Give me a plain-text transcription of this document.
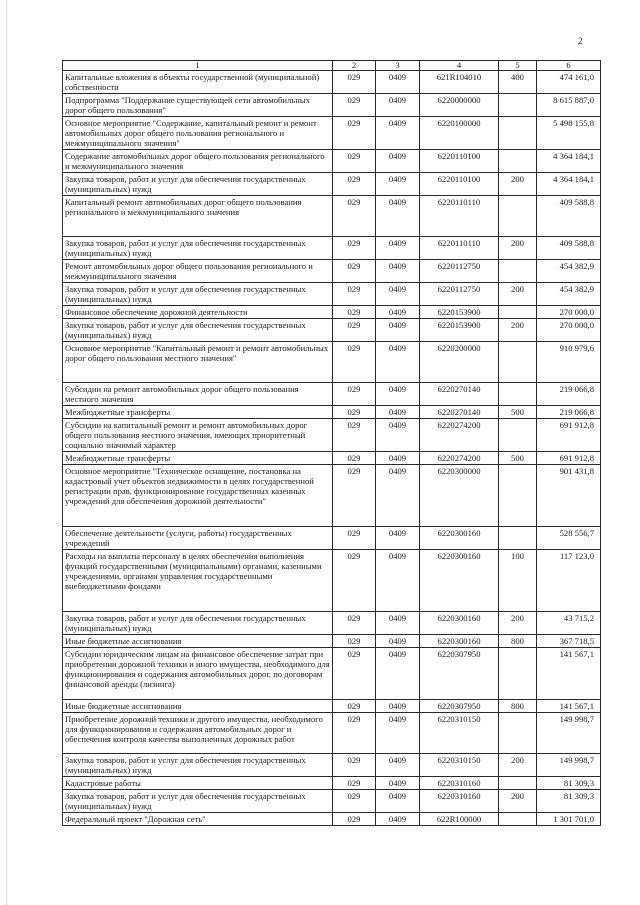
2
1	2	3	4	5	6
Капитальные вложения в объекты государственной (муниципальной) собственности	029	0409	621R104010	400	474 161,0
Подпрограмма "Поддержание существующей сети автомобильных дорог общего пользования"	029	0409	6220000000		8 615 887,0
Основное мероприятие "Содержание, капитальный ремонт и ремонт автомобильных дорог общего пользования регионального и межмуниципального значения"	029	0409	6220100000		5 498 155,8
Содержание автомобильных дорог общего пользования регионального и межмуниципального значения	029	0409	6220110100		4 364 184,1
Закупка товаров, работ и услуг для обеспечения государственных (муниципальных) нужд	029	0409	6220110100	200	4 364 184,1
Капитальный ремонт автомобильных дорог общего пользования регионального и межмуниципального значения	029	0409	6220110110		409 588,8
Закупка товаров, работ и услуг для обеспечения государственных (муниципальных) нужд	029	0409	6220110110	200	409 588,8
Ремонт автомобильных дорог общего пользования регионального и межмуниципального значения	029	0409	6220112750		454 382,9
Закупка товаров, работ и услуг для обеспечения государственных (муниципальных) нужд	029	0409	6220112750	200	454 382,9
Финансовое обеспечение дорожной деятельности	029	0409	6220153900		270 000,0
Закупка товаров, работ и услуг для обеспечения государственных (муниципальных) нужд	029	0409	6220153900	200	270 000,0
Основное мероприятие "Капитальный ремонт и ремонт автомобильных дорог общего пользования местного значения"	029	0409	6220200000		910 979,6
Субсидии на ремонт автомобильных дорог общего пользования местного значения	029	0409	6220270140		219 066,8
Межбюджетные трансферты	029	0409	6220270140	500	219 066,8
Субсидии на капитальный ремонт и ремонт автомобильных дорог общего пользования местного значения, имеющих приоритетный социально значимый характер	029	0409	6220274200		691 912,8
Межбюджетные трансферты	029	0409	6220274200	500	691 912,8
Основное мероприятие "Техническое оснащение, постановка на кадастровый учет объектов недвижимости в целях государственной регистрации прав, функционирование государственных казенных учреждений для обеспечения дорожной деятельности"	029	0409	6220300000		901 431,8
Обеспечение деятельности (услуги, работы) государственных учреждений	029	0409	6220300160		528 556,7
Расходы на выплаты персоналу в целях обеспечения выполнения функций государственными (муниципальными) органами, казенными учреждениями, органами управления государственными внебюджетными фондами	029	0409	6220300160	100	117 123,0
Закупка товаров, работ и услуг для обеспечения государственных (муниципальных) нужд	029	0409	6220300160	200	43 715,2
Иные бюджетные ассигнования	029	0409	6220300160	800	367 718,5
Субсидии юридическим лицам на финансовое обеспечение затрат при приобретении дорожной техники и иного имущества, необходимого для функционирования и содержания автомобильных дорог, по договорам финансовой аренды (лизинга)	029	0409	6220307950		141 567,1
Иные бюджетные ассигнования	029	0409	6220307950	800	141 567,1
Приобретение дорожной техники и другого имущества, необходимого для функционирования и содержания автомобильных дорог и обеспечения контроля качества выполненных дорожных работ	029	0409	6220310150		149 998,7
Закупка товаров, работ и услуг для обеспечения государственных (муниципальных) нужд	029	0409	6220310150	200	149 998,7
Кадастровые работы	029	0409	6220310160		81 309,3
Закупка товаров, работ и услуг для обеспечения государственных (муниципальных) нужд	029	0409	6220310160	200	81 309,3
Федеральный проект "Дорожная сеть"	029	0409	622R100000		1 301 701,0
